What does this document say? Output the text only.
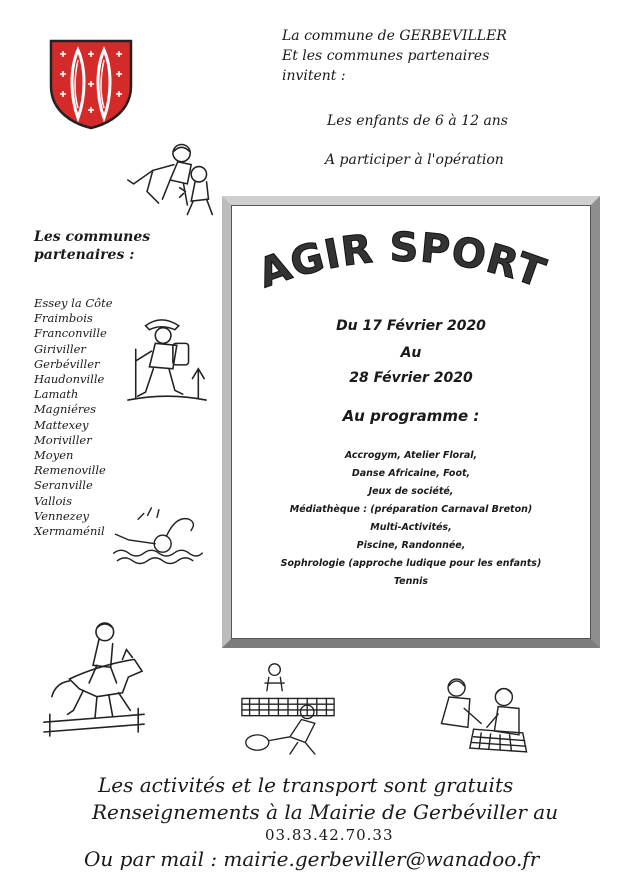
La commune de GERBEVILLER
Et les communes partenaires
invitent :
Les enfants de 6 à 12 ans
A participer à l'opération
Les communes
partenaires :
Essey la Côte
Fraimbois
Franconville
Giriviller
Gerbéviller
Haudonville
Lamath
Magniéres
Mattexey
Moriviller
Moyen
Remenoville
Seranville
Vallois
Vennezey
Xermaménil
AGIR SPORT
Du 17 Février 2020
Au
28 Février 2020
Au programme :
Accrogym, Atelier Floral,
Danse Africaine, Foot,
Jeux de société,
Médiathèque : (préparation Carnaval Breton)
Multi-Activités,
Piscine, Randonnée,
Sophrologie (approche ludique pour les enfants)
Tennis
Les activités et le transport sont gratuits
Renseignements à la Mairie de Gerbéviller au
03.83.42.70.33
Ou par mail : mairie.gerbeviller@wanadoo.fr
